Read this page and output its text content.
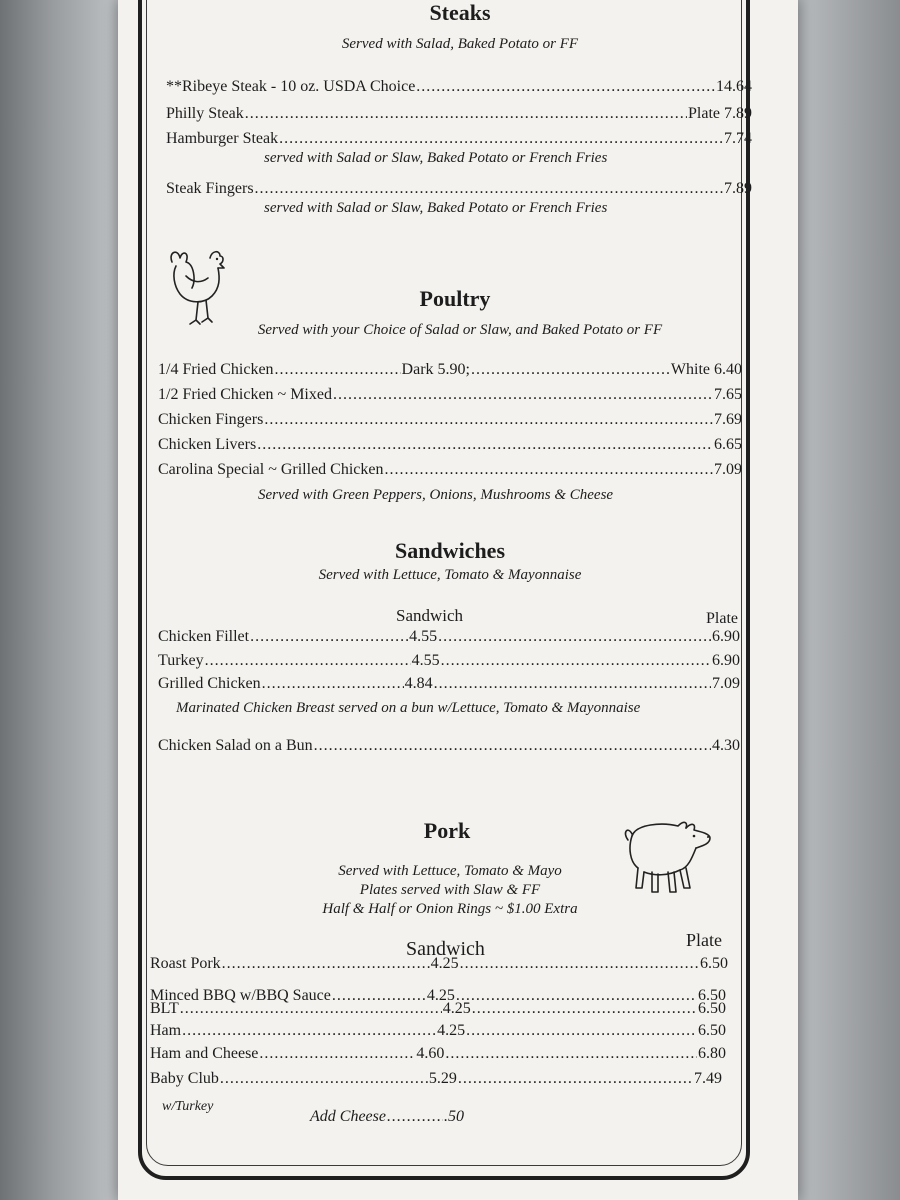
Steaks
Served with Salad, Baked Potato or FF
**Ribeye Steak - 10 oz. USDA Choice .....	14.64
Philly Steak .....	Plate 7.89
Hamburger Steak .....	7.74
served with Salad or Slaw, Baked Potato or French Fries
Steak Fingers .....	7.89
served with Salad or Slaw, Baked Potato or French Fries
Poultry
Served with your Choice of Salad or Slaw, and Baked Potato or FF
1/4 Fried Chicken .....	Dark 5.90; .....	White 6.40
1/2 Fried Chicken ~ Mixed .....	7.65
Chicken Fingers .....	7.69
Chicken Livers .....	6.65
Carolina Special ~ Grilled Chicken .....	7.09
Served with Green Peppers, Onions, Mushrooms & Cheese
Sandwiches
Served with Lettuce, Tomato & Mayonnaise
Sandwich	Plate
Chicken Fillet .....	4.55 .....	6.90
Turkey .....	4.55 .....	6.90
Grilled Chicken .....	4.84 .....	7.09
Marinated Chicken Breast served on a bun w/Lettuce, Tomato & Mayonnaise
Chicken Salad on a Bun .....	4.30
Pork
Served with Lettuce, Tomato & Mayo
Plates served with Slaw & FF
Half & Half or Onion Rings ~ $1.00 Extra
Sandwich	Plate
Roast Pork .....	4.25 .....	6.50
Minced BBQ w/BBQ Sauce .....	4.25 .....	6.50
BLT .....	4.25 .....	6.50
Ham .....	4.25 .....	6.50
Ham and Cheese .....	4.60 .....	6.80
Baby Club .....	5.29 .....	7.49
w/Turkey
Add Cheese .....	.50
